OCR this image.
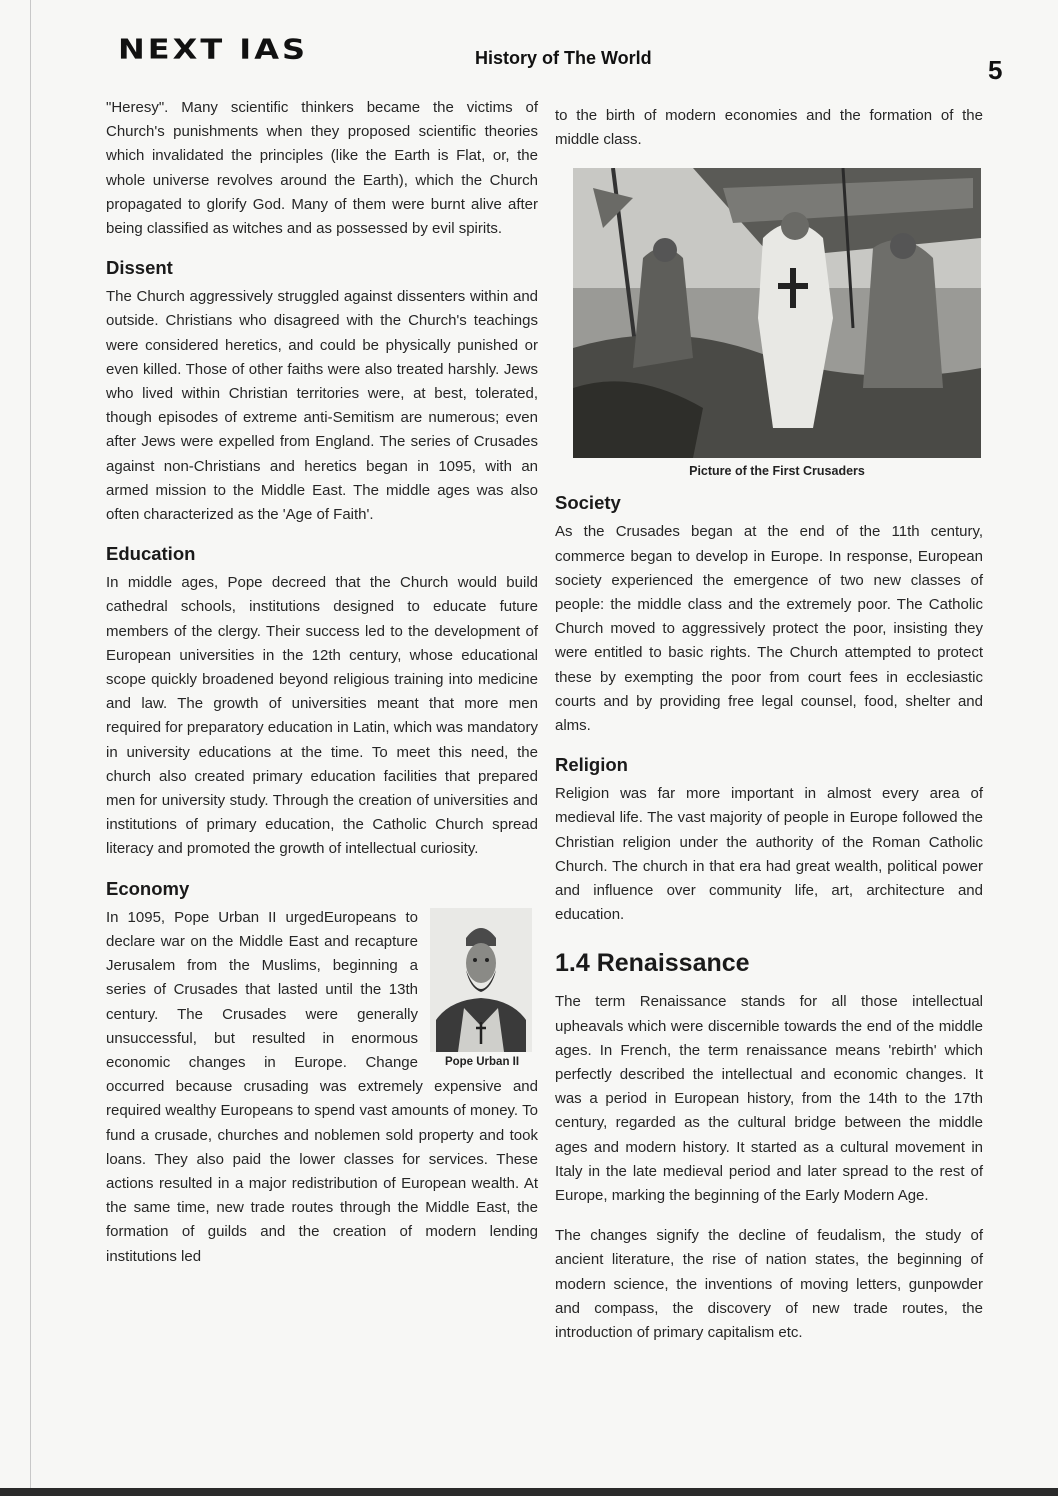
NEXT IAS	History of The World	5

"Heresy". Many scientific thinkers became the victims of Church's punishments when they proposed scientific theories which invalidated the principles (like the Earth is Flat, or, the whole universe revolves around the Earth), which the Church propagated to glorify God. Many of them were burnt alive after being classified as witches and as possessed by evil spirits.

Dissent

The Church aggressively struggled against dissenters within and outside. Christians who disagreed with the Church's teachings were considered heretics, and could be physically punished or even killed. Those of other faiths were also treated harshly. Jews who lived within Christian territories were, at best, tolerated, though episodes of extreme anti-Semitism are numerous; even after Jews were expelled from England. The series of Crusades against non-Christians and heretics began in 1095, with an armed mission to the Middle East. The middle ages was also often characterized as the 'Age of Faith'.

Education

In middle ages, Pope decreed that the Church would build cathedral schools, institutions designed to educate future members of the clergy. Their success led to the development of European universities in the 12th century, whose educational scope quickly broadened beyond religious training into medicine and law. The growth of universities meant that more men required for preparatory education in Latin, which was mandatory in university educations at the time. To meet this need, the church also created primary education facilities that prepared men for university study. Through the creation of universities and institutions of primary education, the Catholic Church spread literacy and promoted the growth of intellectual curiosity.

Economy
Pope Urban II

In 1095, Pope Urban II urgedEuropeans to declare war on the Middle East and recapture Jerusalem from the Muslims, beginning a series of Crusades that lasted until the 13th century. The Crusades were generally unsuccessful, but resulted in enormous economic changes in Europe. Change occurred because crusading was extremely expensive and required wealthy Europeans to spend vast amounts of money. To fund a crusade, churches and noblemen sold property and took loans. They also paid the lower classes for services. These actions resulted in a major redistribution of European wealth. At the same time, new trade routes through the Middle East, the formation of guilds and the creation of modern lending institutions led

to the birth of modern economies and the formation of the middle class.

Picture of the First Crusaders
Society

As the Crusades began at the end of the 11th century, commerce began to develop in Europe. In response, European society experienced the emergence of two new classes of people: the middle class and the extremely poor. The Catholic Church moved to aggressively protect the poor, insisting they were entitled to basic rights. The Church attempted to protect these by exempting the poor from court fees in ecclesiastic courts and by providing free legal counsel, food, shelter and alms.

Religion

Religion was far more important in almost every area of medieval life. The vast majority of people in Europe followed the Christian religion under the authority of the Roman Catholic Church. The church in that era had great wealth, political power and influence over community life, art, architecture and education.

1.4 Renaissance

The term Renaissance stands for all those intellectual upheavals which were discernible towards the end of the middle ages. In French, the term renaissance means 'rebirth' which perfectly described the intellectual and economic changes. It was a period in European history, from the 14th to the 17th century, regarded as the cultural bridge between the middle ages and modern history. It started as a cultural movement in Italy in the late medieval period and later spread to the rest of Europe, marking the beginning of the Early Modern Age.

The changes signify the decline of feudalism, the study of ancient literature, the rise of nation states, the beginning of modern science, the inventions of moving letters, gunpowder and compass, the discovery of new trade routes, the introduction of primary capitalism etc.
